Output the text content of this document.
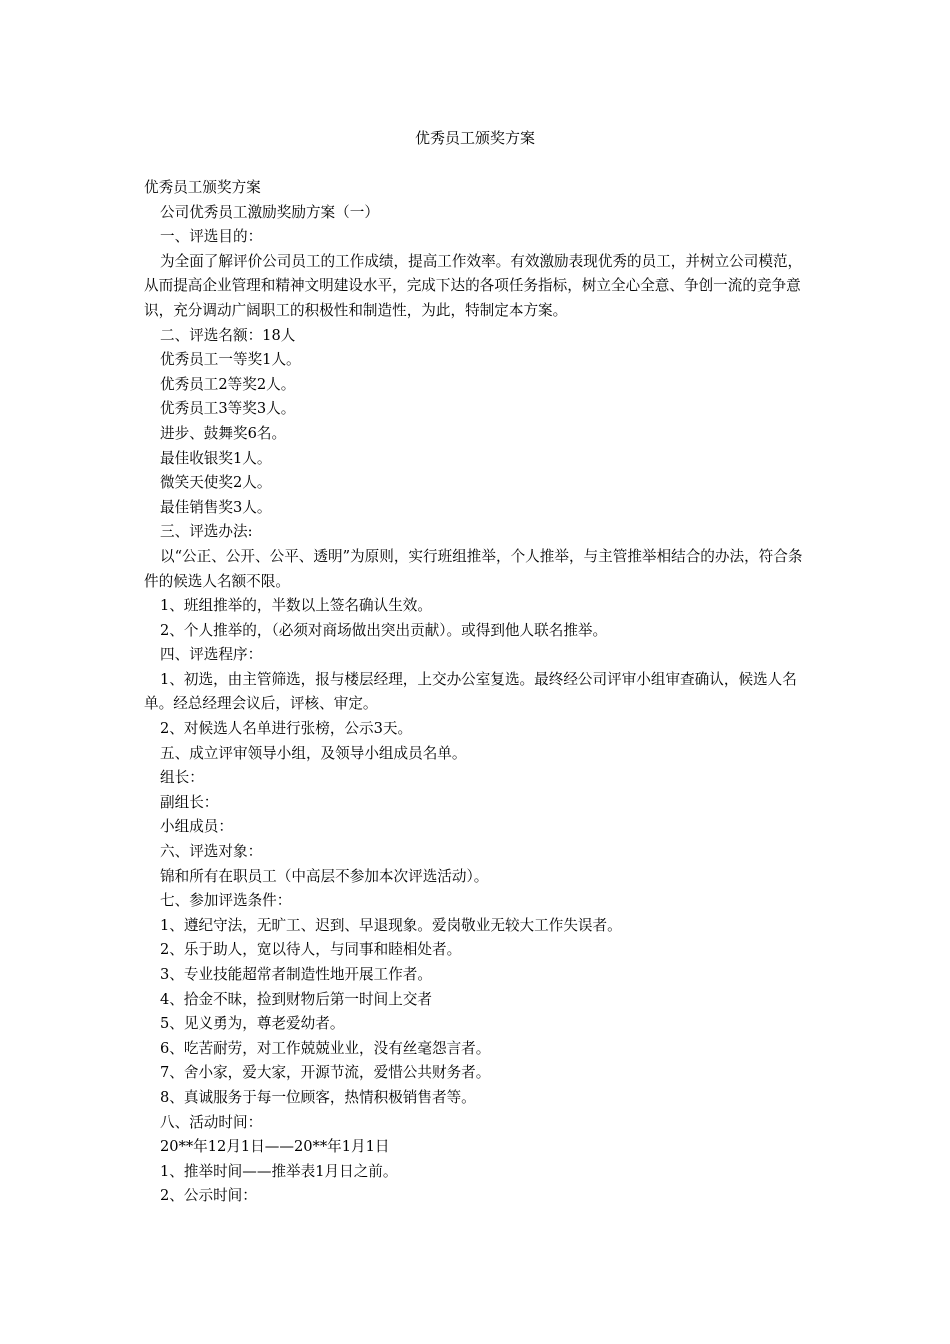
优秀员工颁奖方案

优秀员工颁奖方案

公司优秀员工激励奖励方案（一）

一、评选目的：

为全面了解评价公司员工的工作成绩，提高工作效率。有效激励表现优秀的员工，并树立公司模范，从而提高企业管理和精神文明建设水平，完成下达的各项任务指标，树立全心全意、争创一流的竞争意识，充分调动广阔职工的积极性和制造性，为此，特制定本方案。

二、评选名额：18人

优秀员工一等奖1人。

优秀员工2等奖2人。

优秀员工3等奖3人。

进步、鼓舞奖6名。

最佳收银奖1人。

微笑天使奖2人。

最佳销售奖3人。

三、评选办法:

以“公正、公开、公平、透明”为原则，实行班组推举，个人推举，与主管推举相结合的办法，符合条件的候选人名额不限。

1、班组推举的，半数以上签名确认生效。

2、个人推举的，（必须对商场做出突出贡献）。或得到他人联名推举。

四、评选程序：

1、初选，由主管筛选，报与楼层经理，上交办公室复选。最终经公司评审小组审查确认，候选人名单。经总经理会议后，评核、审定。

2、对候选人名单进行张榜，公示3天。

五、成立评审领导小组，及领导小组成员名单。

组长：

副组长：

小组成员：

六、评选对象：

锦和所有在职员工（中高层不参加本次评选活动）。

七、参加评选条件：

1、遵纪守法，无旷工、迟到、早退现象。爱岗敬业无较大工作失误者。

2、乐于助人，宽以待人，与同事和睦相处者。

3、专业技能超常者制造性地开展工作者。

4、拾金不昧，捡到财物后第一时间上交者

5、见义勇为，尊老爱幼者。

6、吃苦耐劳，对工作兢兢业业，没有丝毫怨言者。

7、舍小家，爱大家，开源节流，爱惜公共财务者。

8、真诚服务于每一位顾客，热情积极销售者等。

八、活动时间：

20**年12月1日——20**年1月1日

1、推举时间——推举表1月日之前。

2、公示时间：
